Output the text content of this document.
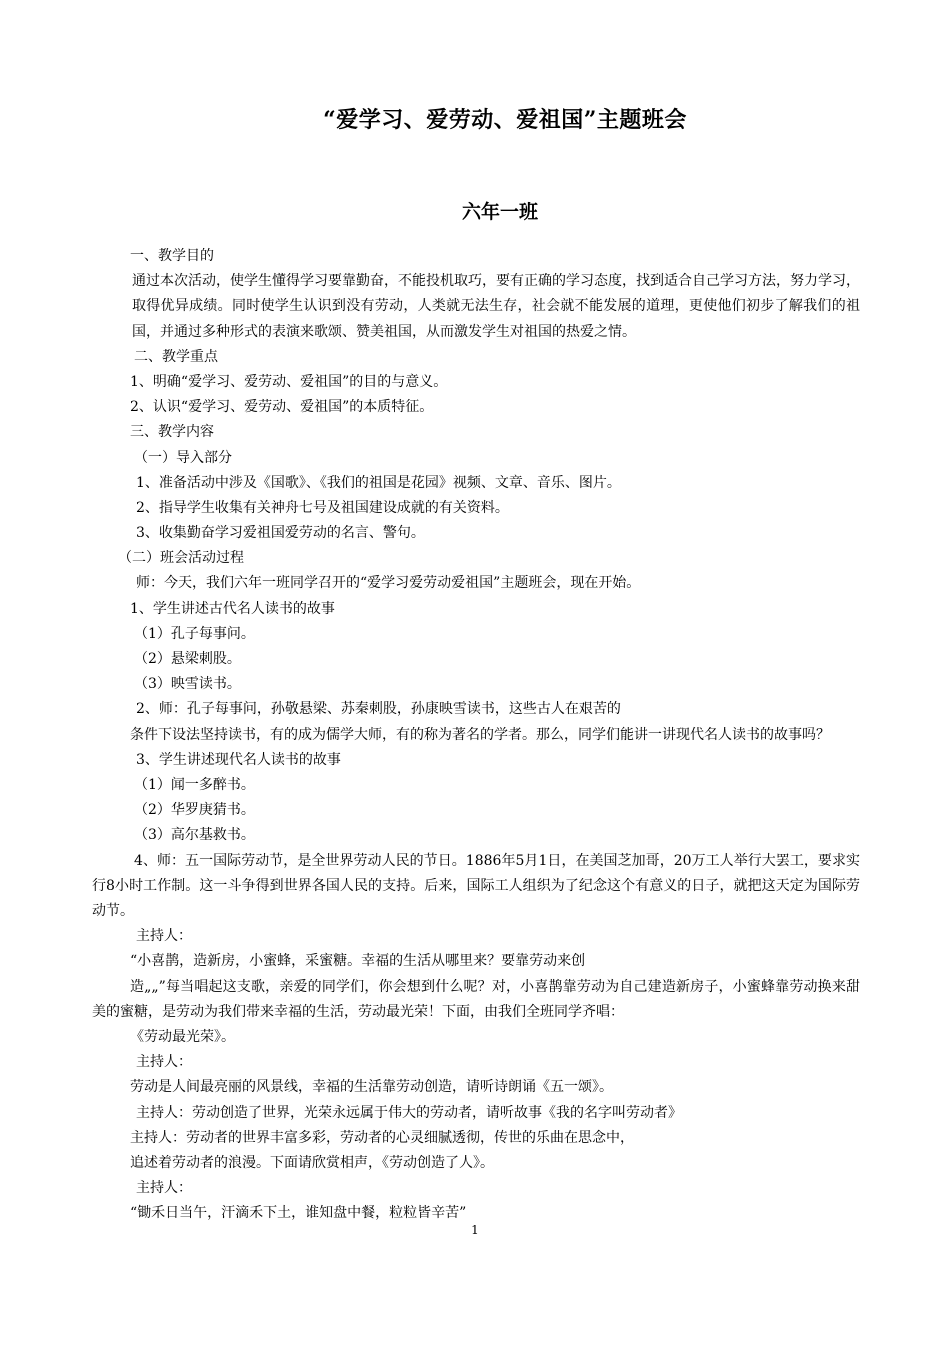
“爱学习、爱劳动、爱祖国”主题班会
六年一班
一、教学目的
通过本次活动，使学生懂得学习要靠勤奋，不能投机取巧，要有正确的学习态度，找到适合自己学习方法，努力学习，取得优异成绩。同时使学生认识到没有劳动，人类就无法生存，社会就不能发展的道理，更使他们初步了解我们的祖国，并通过多种形式的表演来歌颂、赞美祖国，从而激发学生对祖国的热爱之情。
二、教学重点
1、明确“爱学习、爱劳动、爱祖国”的目的与意义。
2、认识“爱学习、爱劳动、爱祖国”的本质特征。
三、教学内容
（一）导入部分
1、准备活动中涉及《国歌》、《我们的祖国是花园》视频、文章、音乐、图片。
2、指导学生收集有关神舟七号及祖国建设成就的有关资料。
3、收集勤奋学习爱祖国爱劳动的名言、警句。
（二）班会活动过程
师：今天，我们六年一班同学召开的“爱学习爱劳动爱祖国”主题班会，现在开始。
1、学生讲述古代名人读书的故事
（1）孔子每事问。
（2）悬梁刺股。
（3）映雪读书。
2、师：孔子每事问，孙敬悬梁、苏秦刺股，孙康映雪读书，这些古人在艰苦的
条件下设法坚持读书，有的成为儒学大师，有的称为著名的学者。那么，同学们能讲一讲现代名人读书的故事吗？
3、学生讲述现代名人读书的故事
（1）闻一多醉书。
（2）华罗庚猜书。
（3）高尔基救书。
4、师：五一国际劳动节，是全世界劳动人民的节日。1886年5月1日，在美国芝加哥，20万工人举行大罢工，要求实行8小时工作制。这一斗争得到世界各国人民的支持。后来，国际工人组织为了纪念这个有意义的日子，就把这天定为国际劳动节。
主持人：
“小喜鹊，造新房，小蜜蜂，采蜜糖。幸福的生活从哪里来？要靠劳动来创
造„„”每当唱起这支歌，亲爱的同学们，你会想到什么呢？对，小喜鹊靠劳动为自己建造新房子，小蜜蜂靠劳动换来甜美的蜜糖，是劳动为我们带来幸福的生活，劳动最光荣！下面，由我们全班同学齐唱：
《劳动最光荣》。
主持人：
劳动是人间最亮丽的风景线，幸福的生活靠劳动创造，请听诗朗诵《五一颂》。
主持人：劳动创造了世界，光荣永远属于伟大的劳动者，请听故事《我的名字叫劳动者》
主持人：劳动者的世界丰富多彩，劳动者的心灵细腻透彻，传世的乐曲在思念中，
追述着劳动者的浪漫。下面请欣赏相声，《劳动创造了人》。
主持人：
“锄禾日当午，汗滴禾下土，谁知盘中餐，粒粒皆辛苦”
1
